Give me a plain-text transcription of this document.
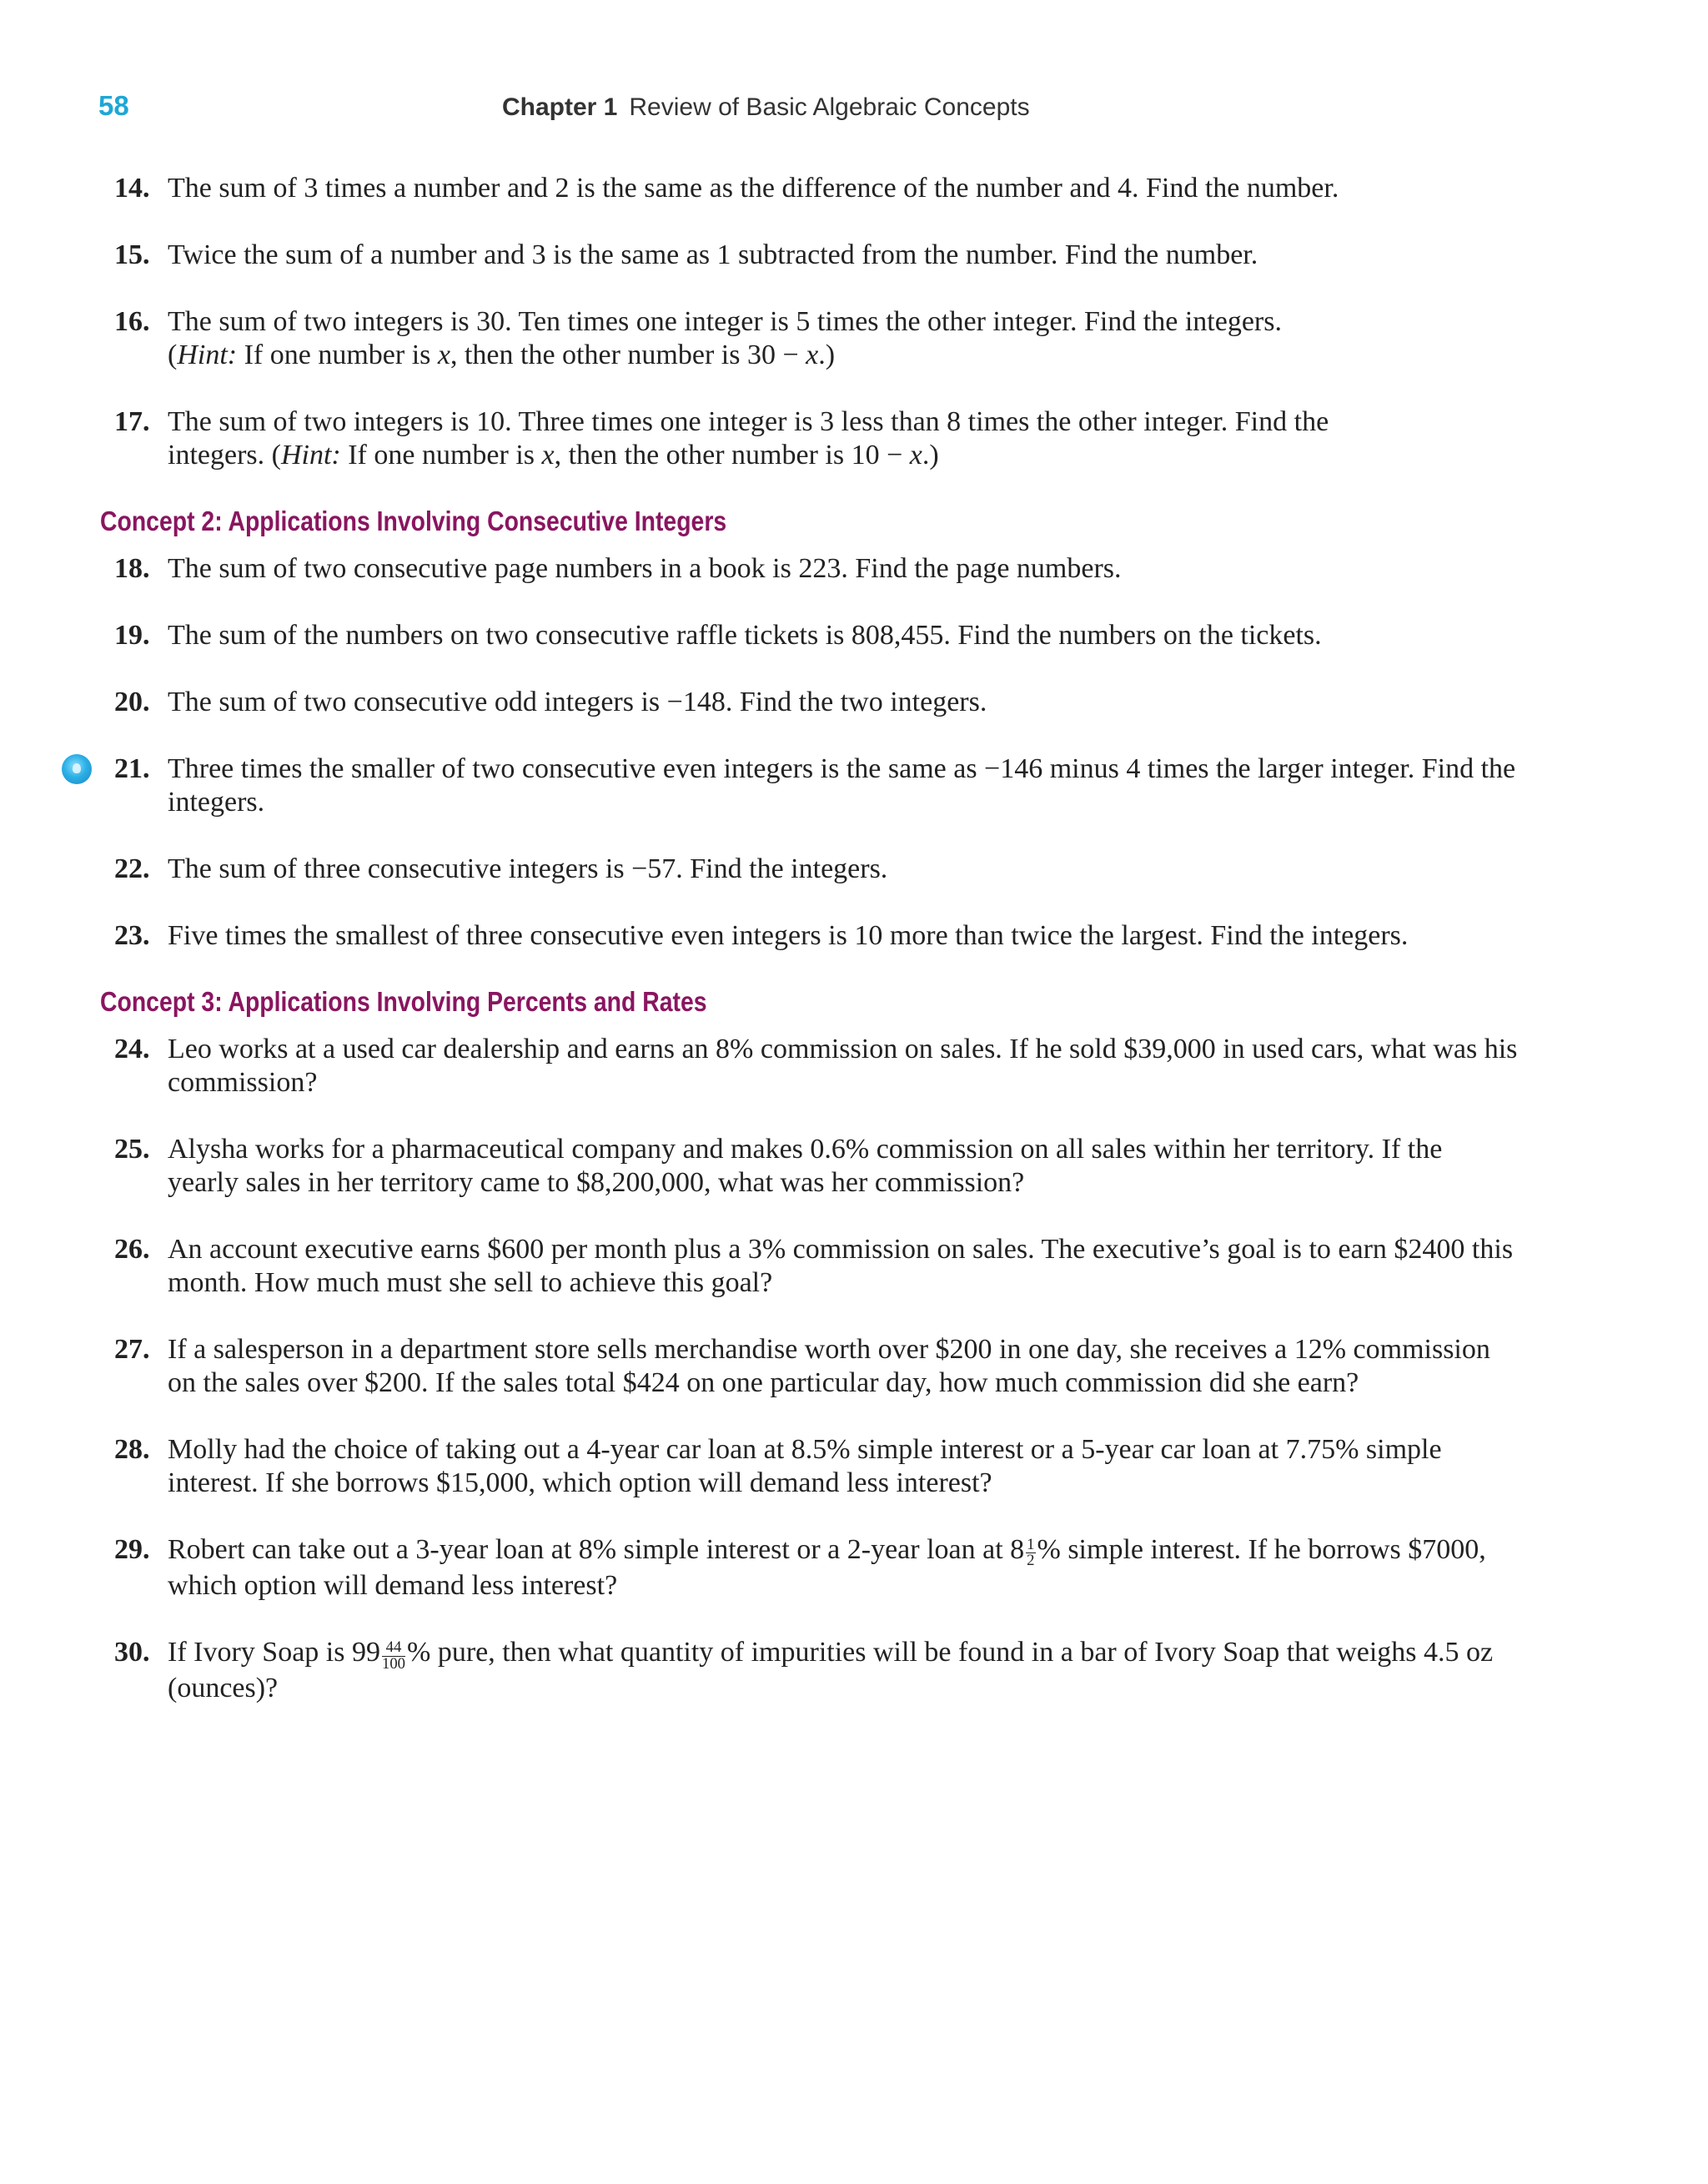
58	Chapter 1 Review of Basic Algebraic Concepts
14. The sum of 3 times a number and 2 is the same as the difference of the number and 4. Find the number.
15. Twice the sum of a number and 3 is the same as 1 subtracted from the number. Find the number.
16. The sum of two integers is 30. Ten times one integer is 5 times the other integer. Find the integers.
(Hint: If one number is x, then the other number is 30 − x.)
17. The sum of two integers is 10. Three times one integer is 3 less than 8 times the other integer. Find the
integers. (Hint: If one number is x, then the other number is 10 − x.)
Concept 2: Applications Involving Consecutive Integers
18. The sum of two consecutive page numbers in a book is 223. Find the page numbers.
19. The sum of the numbers on two consecutive raffle tickets is 808,455. Find the numbers on the tickets.
20. The sum of two consecutive odd integers is −148. Find the two integers.
21. Three times the smaller of two consecutive even integers is the same as −146 minus 4 times the larger integer. Find the integers.
22. The sum of three consecutive integers is −57. Find the integers.
23. Five times the smallest of three consecutive even integers is 10 more than twice the largest. Find the integers.
Concept 3: Applications Involving Percents and Rates
24. Leo works at a used car dealership and earns an 8% commission on sales. If he sold $39,000 in used cars, what was his commission?
25. Alysha works for a pharmaceutical company and makes 0.6% commission on all sales within her territory. If the yearly sales in her territory came to $8,200,000, what was her commission?
26. An account executive earns $600 per month plus a 3% commission on sales. The executive’s goal is to earn $2400 this month. How much must she sell to achieve this goal?
27. If a salesperson in a department store sells merchandise worth over $200 in one day, she receives a 12% commission on the sales over $200. If the sales total $424 on one particular day, how much commission did she earn?
28. Molly had the choice of taking out a 4-year car loan at 8.5% simple interest or a 5-year car loan at 7.75% simple interest. If she borrows $15,000, which option will demand less interest?
29. Robert can take out a 3-year loan at 8% simple interest or a 2-year loan at $8 \frac{1}{2}$ % simple interest. If he borrows $7000, which option will demand less interest?
30. If Ivory Soap is $99 \frac{44}{100}$ % pure, then what quantity of impurities will be found in a bar of Ivory Soap that weighs 4.5 oz (ounces)?
